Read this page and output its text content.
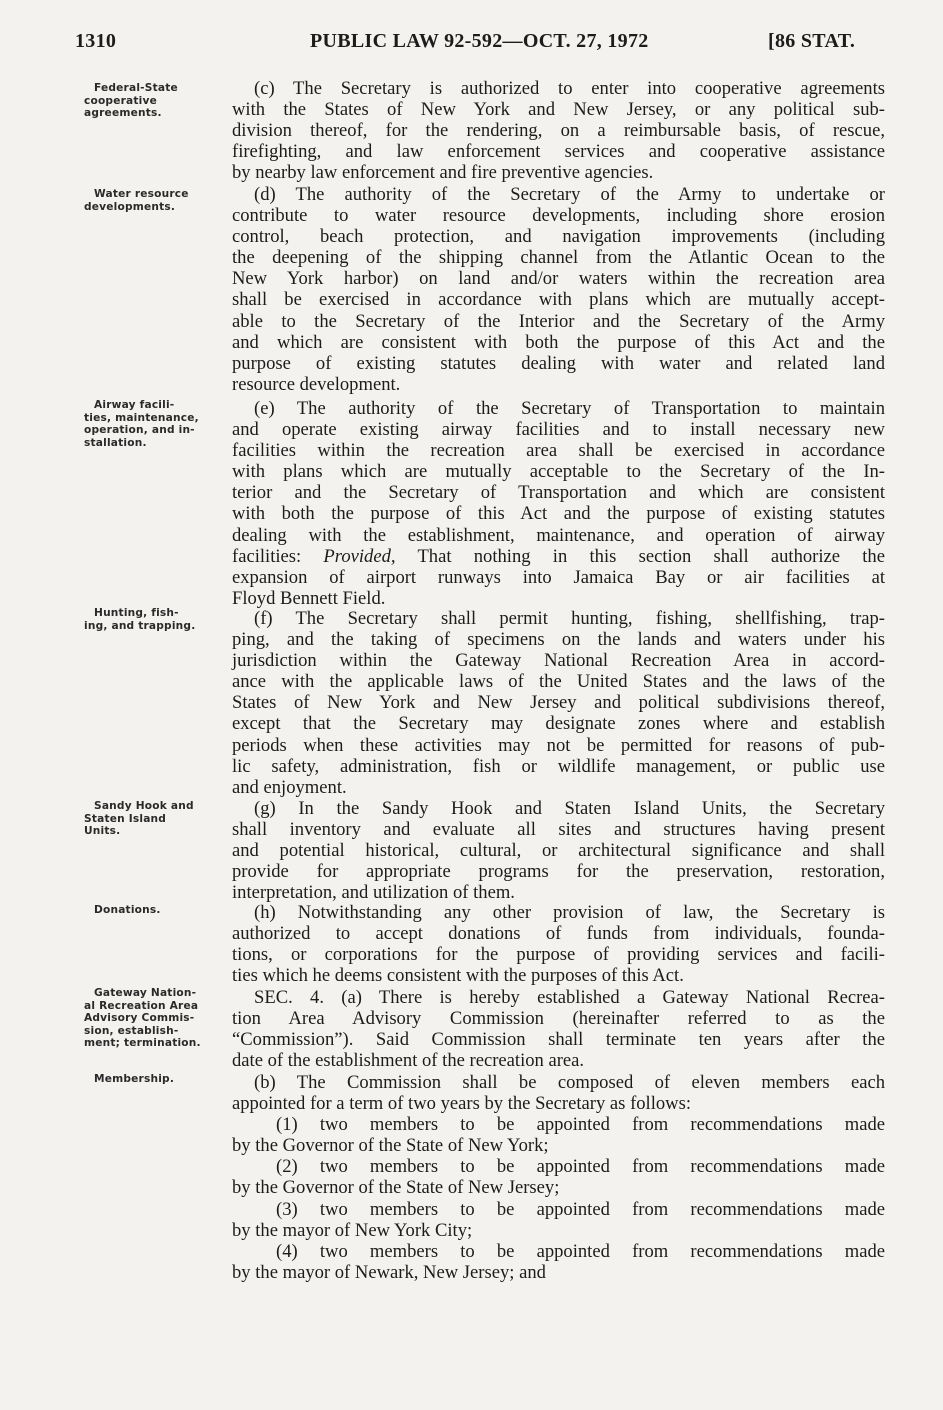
1310	PUBLIC LAW 92-592—OCT. 27, 1972	[86 STAT.
Federal-State
cooperative
agreements.
Water resource
developments.
Airway facili-
ties, maintenance,
operation, and in-
stallation.
Hunting, fish-
ing, and trapping.
Sandy Hook and
Staten Island
Units.
Donations.
Gateway Nation-
al Recreation Area
Advisory Commis-
sion, establish-
ment; termination.
Membership.
(c) The Secretary is authorized to enter into cooperative agreements
with the States of New York and New Jersey, or any political sub-
division thereof, for the rendering, on a reimbursable basis, of rescue,
firefighting, and law enforcement services and cooperative assistance
by nearby law enforcement and fire preventive agencies.
(d) The authority of the Secretary of the Army to undertake or
contribute to water resource developments, including shore erosion
control, beach protection, and navigation improvements (including
the deepening of the shipping channel from the Atlantic Ocean to the
New York harbor) on land and/or waters within the recreation area
shall be exercised in accordance with plans which are mutually accept-
able to the Secretary of the Interior and the Secretary of the Army
and which are consistent with both the purpose of this Act and the
purpose of existing statutes dealing with water and related land
resource development.
(e) The authority of the Secretary of Transportation to maintain
and operate existing airway facilities and to install necessary new
facilities within the recreation area shall be exercised in accordance
with plans which are mutually acceptable to the Secretary of the In-
terior and the Secretary of Transportation and which are consistent
with both the purpose of this Act and the purpose of existing statutes
dealing with the establishment, maintenance, and operation of airway
facilities: Provided, That nothing in this section shall authorize the
expansion of airport runways into Jamaica Bay or air facilities at
Floyd Bennett Field.
(f) The Secretary shall permit hunting, fishing, shellfishing, trap-
ping, and the taking of specimens on the lands and waters under his
jurisdiction within the Gateway National Recreation Area in accord-
ance with the applicable laws of the United States and the laws of the
States of New York and New Jersey and political subdivisions thereof,
except that the Secretary may designate zones where and establish
periods when these activities may not be permitted for reasons of pub-
lic safety, administration, fish or wildlife management, or public use
and enjoyment.
(g) In the Sandy Hook and Staten Island Units, the Secretary
shall inventory and evaluate all sites and structures having present
and potential historical, cultural, or architectural significance and shall
provide for appropriate programs for the preservation, restoration,
interpretation, and utilization of them.
(h) Notwithstanding any other provision of law, the Secretary is
authorized to accept donations of funds from individuals, founda-
tions, or corporations for the purpose of providing services and facili-
ties which he deems consistent with the purposes of this Act.
SEC. 4. (a) There is hereby established a Gateway National Recrea-
tion Area Advisory Commission (hereinafter referred to as the
“Commission”). Said Commission shall terminate ten years after the
date of the establishment of the recreation area.
(b) The Commission shall be composed of eleven members each
appointed for a term of two years by the Secretary as follows:
(1) two members to be appointed from recommendations made
by the Governor of the State of New York;
(2) two members to be appointed from recommendations made
by the Governor of the State of New Jersey;
(3) two members to be appointed from recommendations made
by the mayor of New York City;
(4) two members to be appointed from recommendations made
by the mayor of Newark, New Jersey; and
